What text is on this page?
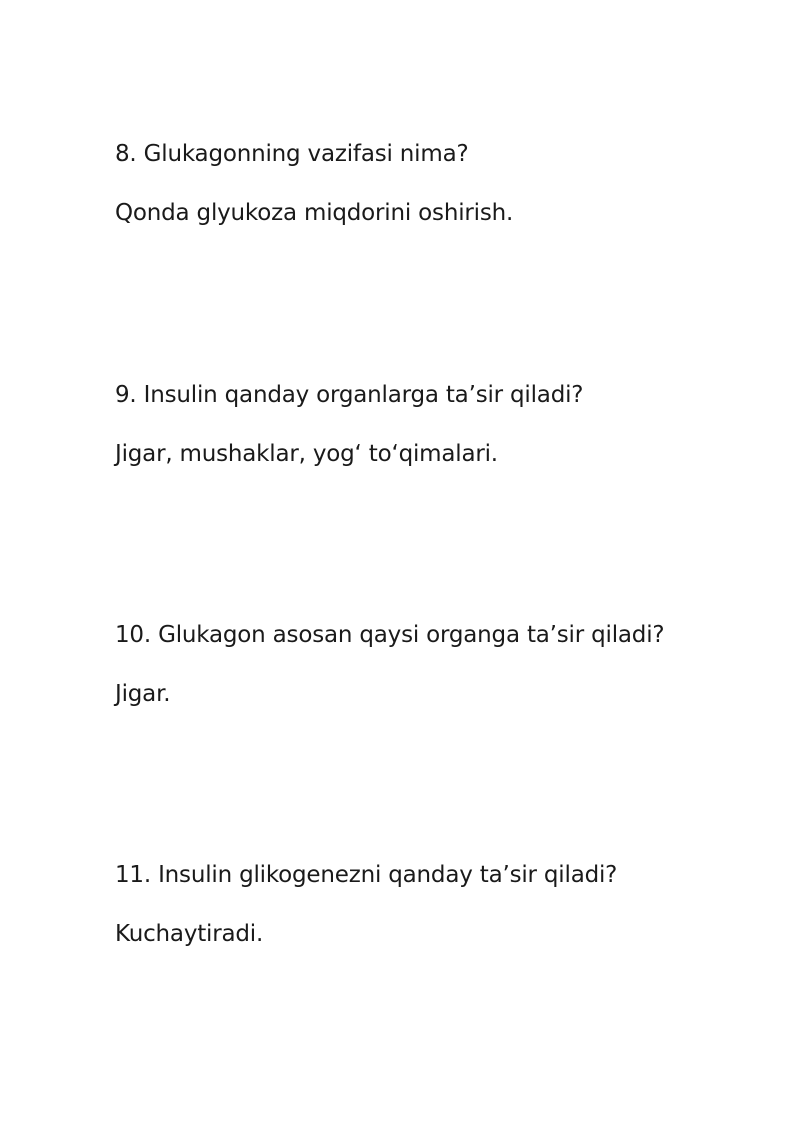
8. Glukagonning vazifasi nima?
Qonda glyukoza miqdorini oshirish.
9. Insulin qanday organlarga ta’sir qiladi?
Jigar, mushaklar, yog‘ to‘qimalari.
10. Glukagon asosan qaysi organga ta’sir qiladi?
Jigar.
11. Insulin glikogenezni qanday ta’sir qiladi?
Kuchaytiradi.
